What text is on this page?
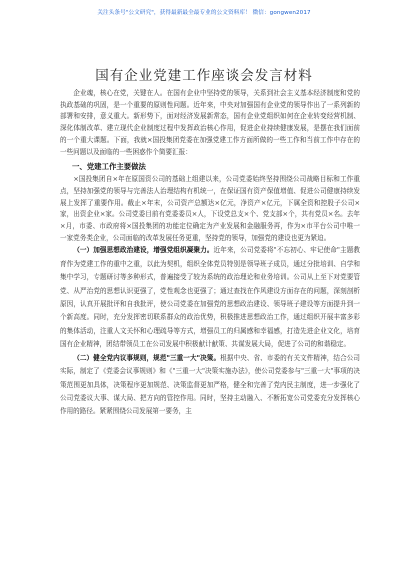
关注头条号"公文研究"，获得最新最全最专业的公文资料库！ 微信：gongwen2017
国有企业党建工作座谈会发言材料

企业魂，核心在党，关键在人。在国有企业中坚持党的领导，关系到社会主义基本经济制度和党的执政基础的巩固，是一个重要的原则性问题。近年来，中央对加强国有企业党的领导作出了一系列新的部署和安排，意义重大。新形势下，面对经济发展新常态，国有企业党组织如何在企业转变经营机制、深化体制改革、建立现代企业制度过程中发挥政治核心作用，促进企业持续健康发展，是摆在我们面前的一个重大课题。下面，我就×国投集团党委在加强党建工作方面所做的一些工作和当前工作中存在的一些问题以及面临的一些困惑作个简要汇报：

一、党建工作主要做法

×国投集团自×年在原国资公司的基础上组建以来，公司党委始终坚持围绕公司战略目标和工作重点，坚持加强党的领导与完善法人治理结构有机统一，在保证国有资产保值增值、促进公司健康持续发展上发挥了重要作用。截止×年末，公司资产总额达×亿元，净资产×亿元，下属全资和控股子公司×家，出资企业×家。公司党委目前有党委委员×人，下设党总支×个、党支部×个，共有党员×名。去年×月，市委、市政府将×国投集团的功能定位确定为产业发展和金融服务再，作为×市平台公司中唯一一家党务类企业，公司面临的改革发展任务更重，坚持党的领导，加强党的建设也更为紧迫。

（一）加强思想政治建设，增强党组织凝聚力。近年来，公司党委将"不忘初心、牢记使命"主题教育作为党建工作的重中之重，以此为契机，组织全体党员特别是领导班子成员，通过分批培训、自学和集中学习，专题研讨等多种形式，普遍接受了较为系统的政治理论和业务培训。公司从上至下对党要管党、从严治党的思想认识更强了，党性观念也更强了；通过查找在作风建设方面存在的问题，深刻剖析原因，认真开展批评和自我批评，使公司党委在加强党的思想政治建设、领导班子建设等方面提升到一个新高度。同时，充分发挥密切联系群众的政治优势，积极推进思想政治工作，通过组织开展丰富多彩的集体活动，注重人文关怀和心理疏导等方式，增强员工的归属感和幸福感，打造先进企业文化，培育国有企业精神，团结带领员工在公司发展中积极献计献策、共谋发展大局，促进了公司的和谐稳定。

（二）健全党内议事规则，规范"三重一大"决策。根据中央、省、市委的有关文件精神，结合公司实际，制定了《党委会议事规则》和《"三重一大"决策实施办法》，使公司党委参与"三重一大"事项的决策范围更加具体，决策程序更加规范、决策监督更加严格，健全和完善了党内民主制度，进一步强化了公司党委议大事、谋大局、把方向的管控作用。同时，坚持主动融入、不断拓宽公司党委充分发挥核心作用的路径。紧紧围绕公司发展第一要务，主
